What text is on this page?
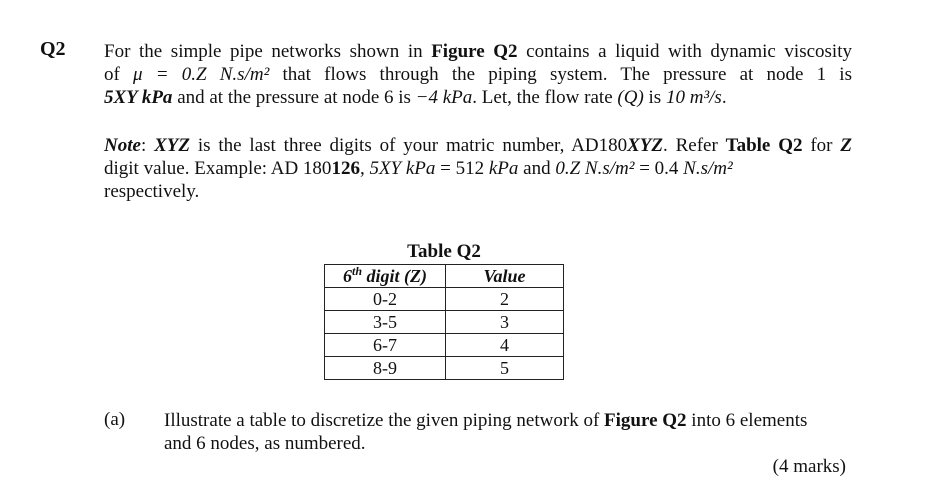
Q2 For the simple pipe networks shown in Figure Q2 contains a liquid with dynamic viscosity
of μ = 0.Z N.s/m² that flows through the piping system. The pressure at node 1 is
5XY kPa and at the pressure at node 6 is −4 kPa. Let, the flow rate (Q) is 10 m³/s.
Note: XYZ is the last three digits of your matric number, AD180XYZ. Refer Table Q2 for Z
digit value. Example: AD 180126, 5XY kPa = 512 kPa and 0.Z N.s/m² = 0.4 N.s/m²
respectively.
Table Q2
6th digit (Z)	Value
0-2	2
3-5	3
6-7	4
8-9	5
(a) Illustrate a table to discretize the given piping network of Figure Q2 into 6 elements
and 6 nodes, as numbered.
(4 marks)
